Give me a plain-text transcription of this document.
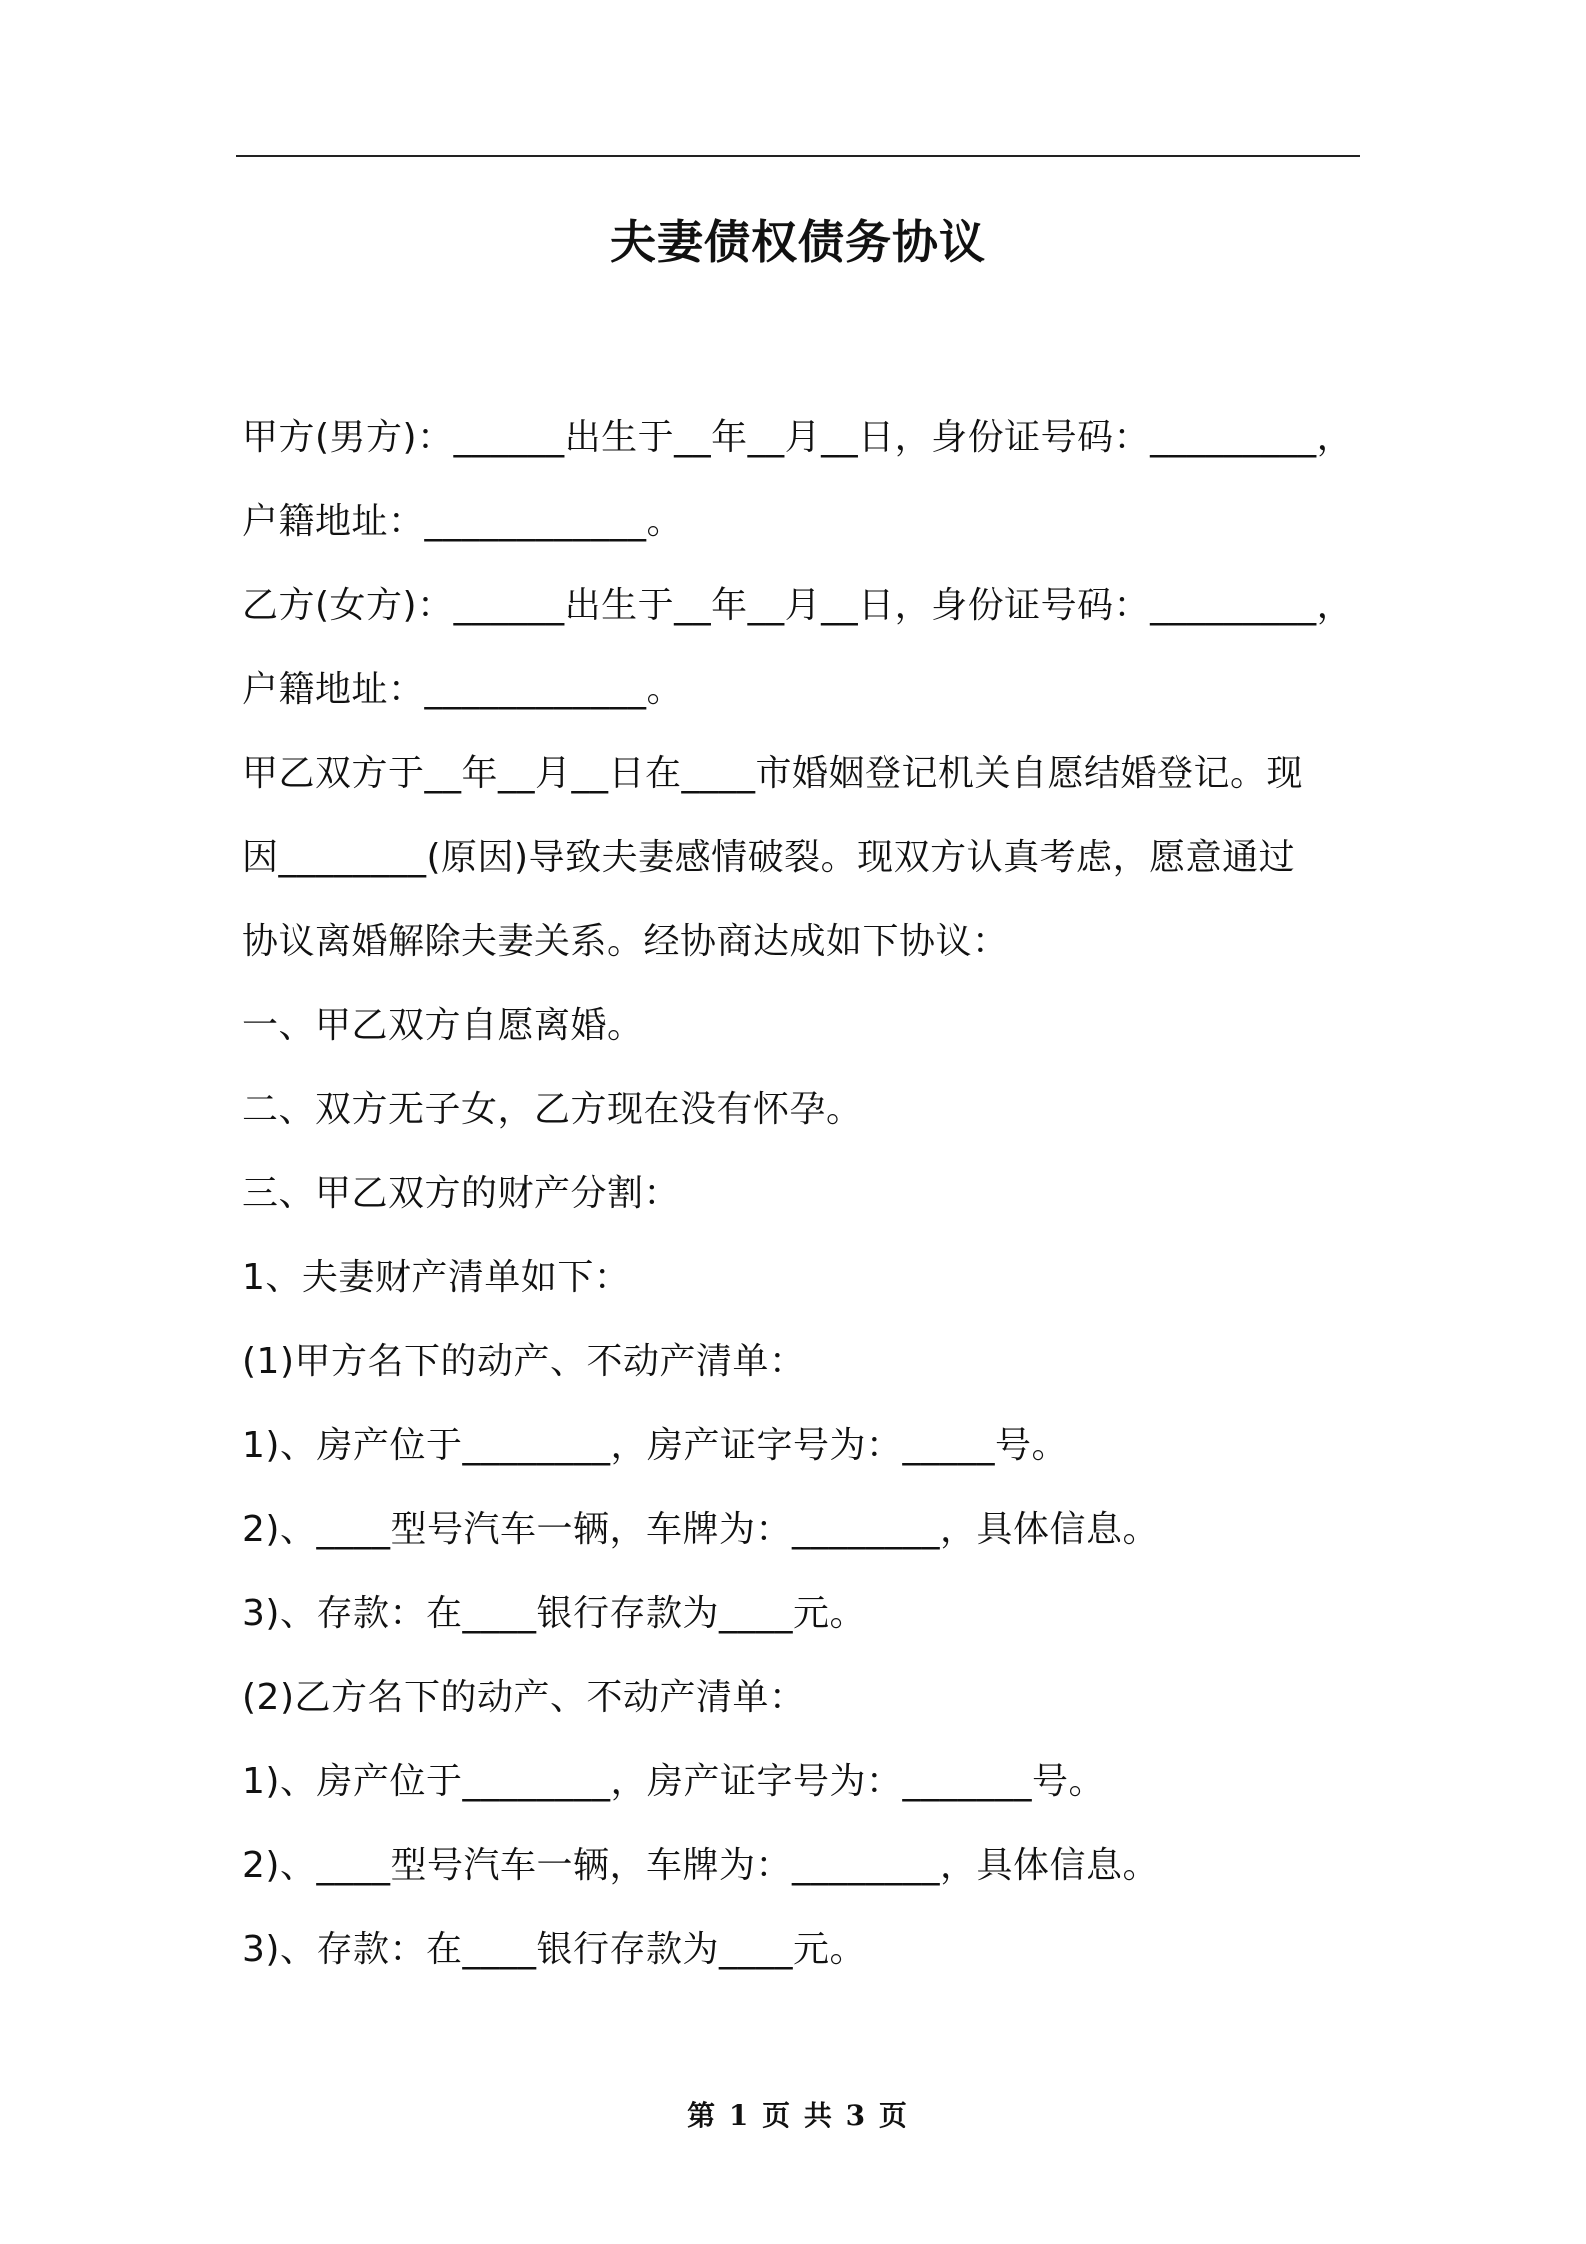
夫妻债权债务协议
甲方(男方)：______出生于__年__月__日，身份证号码：_________，
户籍地址：____________。
乙方(女方)：______出生于__年__月__日，身份证号码：_________，
户籍地址：____________。
甲乙双方于__年__月__日在____市婚姻登记机关自愿结婚登记。现
因________(原因)导致夫妻感情破裂。现双方认真考虑，愿意通过
协议离婚解除夫妻关系。经协商达成如下协议：
一、甲乙双方自愿离婚。
二、双方无子女，乙方现在没有怀孕。
三、甲乙双方的财产分割：
1、夫妻财产清单如下：
(1)甲方名下的动产、不动产清单：
1)、房产位于________，房产证字号为：_____号。
2)、____型号汽车一辆，车牌为：________，具体信息。
3)、存款：在____银行存款为____元。
(2)乙方名下的动产、不动产清单：
1)、房产位于________，房产证字号为：_______号。
2)、____型号汽车一辆，车牌为：________，具体信息。
3)、存款：在____银行存款为____元。
第 1 页 共 3 页
